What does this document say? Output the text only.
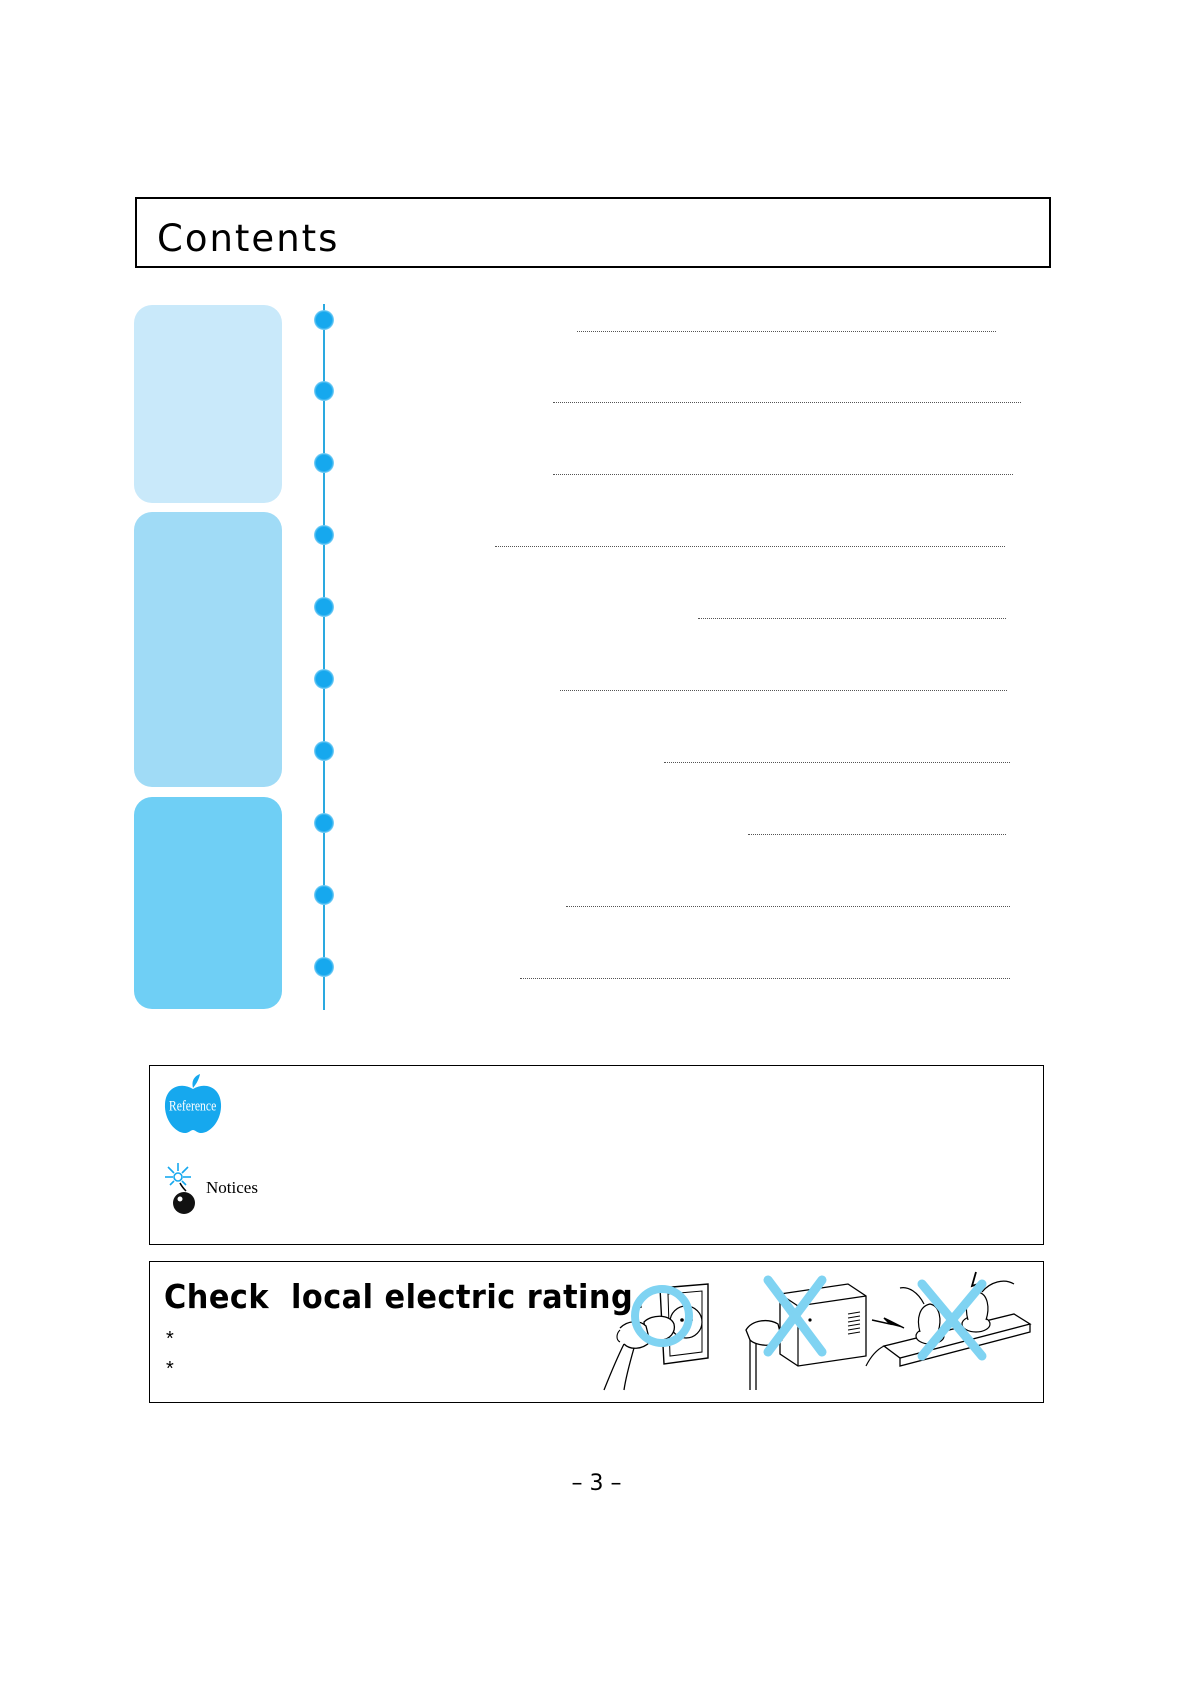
Contents
Reference
Notices
Check  local electric rating.
*
*
– 3 –
